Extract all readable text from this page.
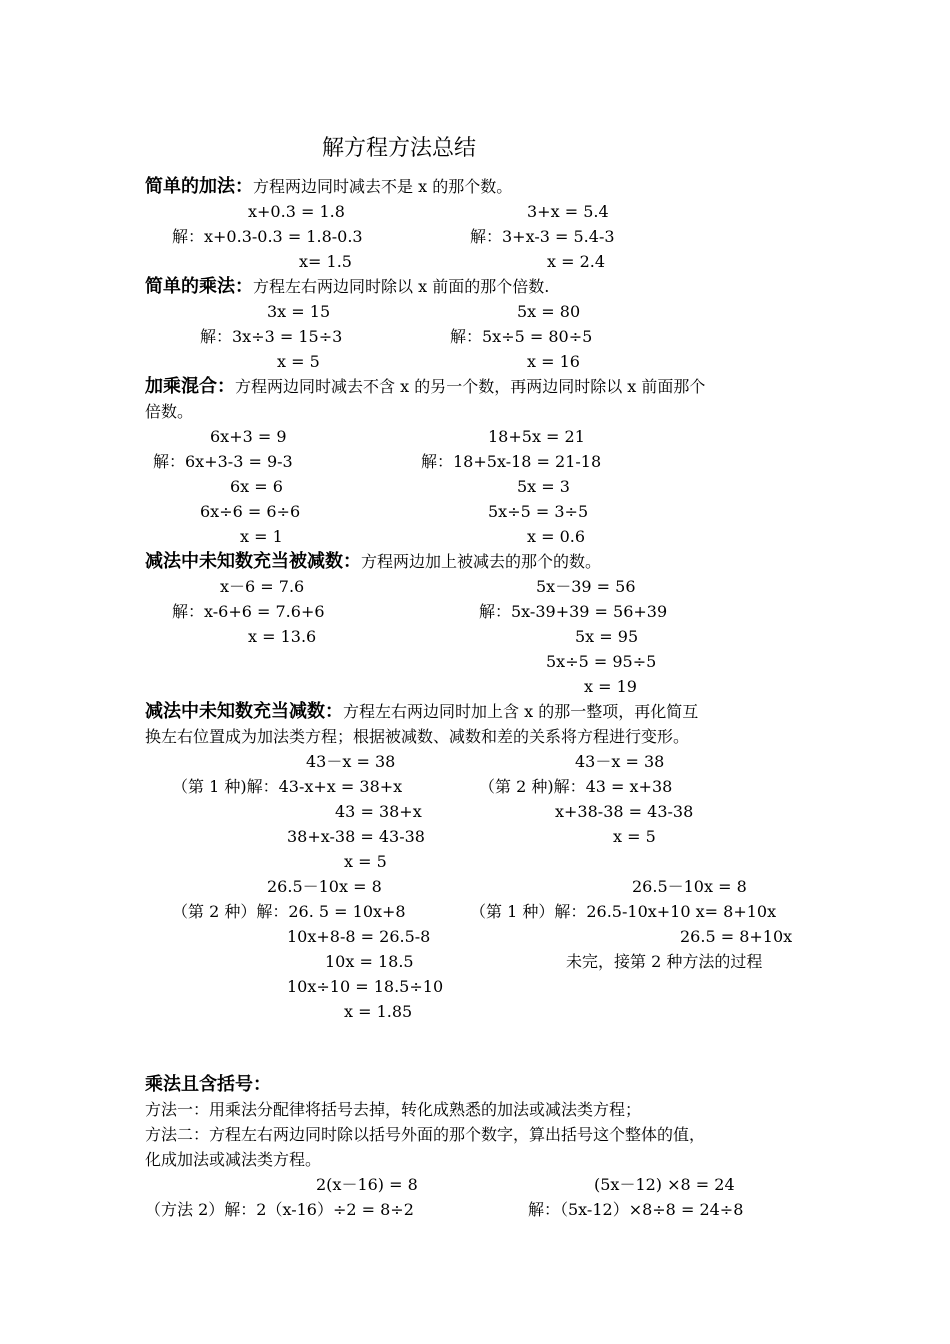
解方程方法总结
简单的加法：方程两边同时减去不是 x 的那个数。
x+0.3 = 1.8
解：x+0.3-0.3 = 1.8-0.3
x= 1.5
3+x = 5.4
解：3+x-3 = 5.4-3
x = 2.4
简单的乘法：方程左右两边同时除以 x 前面的那个倍数.
3x = 15
解：3x÷3 = 15÷3
x = 5
5x = 80
解：5x÷5 = 80÷5
x = 16
加乘混合：方程两边同时减去不含 x 的另一个数，再两边同时除以 x 前面那个
倍数。
6x+3 = 9
解：6x+3-3 = 9-3
6x = 6
6x÷6 = 6÷6
x = 1
18+5x = 21
解：18+5x-18 = 21-18
5x = 3
5x÷5 = 3÷5
x = 0.6
减法中未知数充当被减数：方程两边加上被减去的那个的数。
x－6 = 7.6
解：x-6+6 = 7.6+6
x = 13.6
5x－39 = 56
解：5x-39+39 = 56+39
5x = 95
5x÷5 = 95÷5
x = 19
减法中未知数充当减数：方程左右两边同时加上含 x 的那一整项，再化简互
换左右位置成为加法类方程；根据被减数、减数和差的关系将方程进行变形。
43－x = 38
（第 1 种)解：43-x+x = 38+x
43 = 38+x
38+x-38 = 43-38
x = 5
43－x = 38
（第 2 种)解：43 = x+38
x+38-38 = 43-38
x = 5
26.5－10x = 8
（第 2 种）解：26. 5 = 10x+8
10x+8-8 = 26.5-8
10x = 18.5
10x÷10 = 18.5÷10
x = 1.85
26.5－10x = 8
（第 1 种）解：26.5-10x+10 x= 8+10x
26.5 = 8+10x
未完，接第 2 种方法的过程
乘法且含括号：
方法一：用乘法分配律将括号去掉，转化成熟悉的加法或减法类方程；
方法二：方程左右两边同时除以括号外面的那个数字，算出括号这个整体的值，
化成加法或减法类方程。
2(x－16) = 8
（方法 2）解：2（x-16）÷2 = 8÷2
(5x－12) ×8 = 24
解：（5x-12）×8÷8 = 24÷8
